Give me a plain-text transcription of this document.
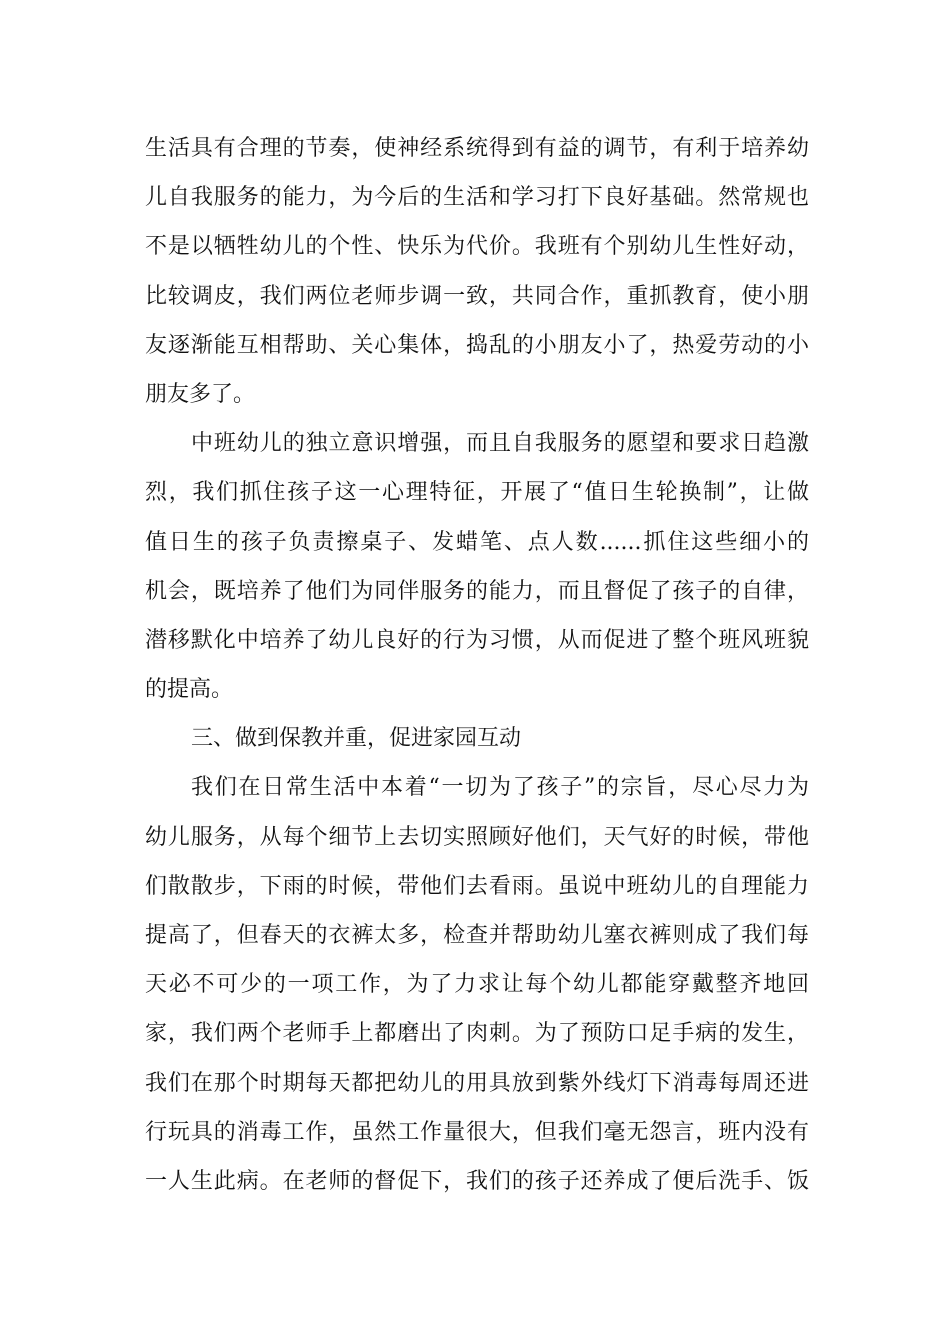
生活具有合理的节奏，使神经系统得到有益的调节，有利于培养幼
儿自我服务的能力，为今后的生活和学习打下良好基础。然常规也
不是以牺牲幼儿的个性、快乐为代价。我班有个别幼儿生性好动，
比较调皮，我们两位老师步调一致，共同合作，重抓教育，使小朋
友逐渐能互相帮助、关心集体，捣乱的小朋友小了，热爱劳动的小
朋友多了。
中班幼儿的独立意识增强，而且自我服务的愿望和要求日趋激
烈，我们抓住孩子这一心理特征，开展了“值日生轮换制”，让做
值日生的孩子负责擦桌子、发蜡笔、点人数......抓住这些细小的
机会，既培养了他们为同伴服务的能力，而且督促了孩子的自律，
潜移默化中培养了幼儿良好的行为习惯，从而促进了整个班风班貌
的提高。
三、做到保教并重，促进家园互动
我们在日常生活中本着“一切为了孩子”的宗旨，尽心尽力为
幼儿服务，从每个细节上去切实照顾好他们，天气好的时候，带他
们散散步，下雨的时候，带他们去看雨。虽说中班幼儿的自理能力
提高了，但春天的衣裤太多，检查并帮助幼儿塞衣裤则成了我们每
天必不可少的一项工作，为了力求让每个幼儿都能穿戴整齐地回
家，我们两个老师手上都磨出了肉刺。为了预防口足手病的发生，
我们在那个时期每天都把幼儿的用具放到紫外线灯下消毒每周还进
行玩具的消毒工作，虽然工作量很大，但我们毫无怨言，班内没有
一人生此病。在老师的督促下，我们的孩子还养成了便后洗手、饭
